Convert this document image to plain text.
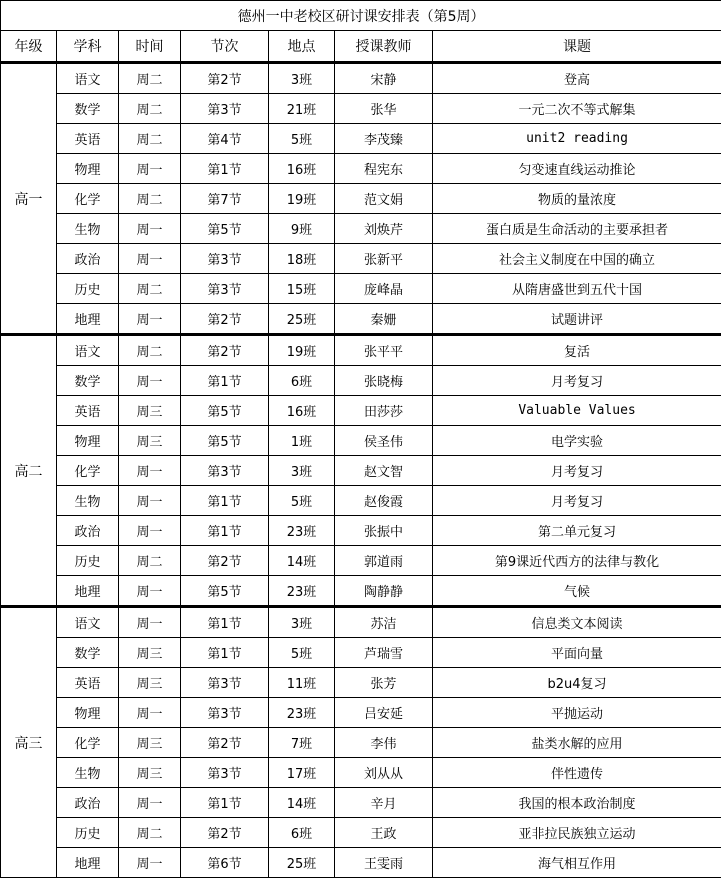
德州一中老校区研讨课安排表（第5周）						
年级	学科	时间	节次	地点	授课教师	课题
高一	语文	周二	第2节	3班	宋静	登高
	数学	周二	第3节	21班	张华	一元二次不等式解集
	英语	周二	第4节	5班	李茂臻	unit2 reading
	物理	周一	第1节	16班	程宪东	匀变速直线运动推论
	化学	周二	第7节	19班	范文娟	物质的量浓度
	生物	周一	第5节	9班	刘焕芹	蛋白质是生命活动的主要承担者
	政治	周一	第3节	18班	张新平	社会主义制度在中国的确立
	历史	周二	第3节	15班	庞峰晶	从隋唐盛世到五代十国
	地理	周一	第2节	25班	秦姗	试题讲评
高二	语文	周二	第2节	19班	张平平	复活
	数学	周一	第1节	6班	张晓梅	月考复习
	英语	周三	第5节	16班	田莎莎	Valuable Values
	物理	周三	第5节	1班	侯圣伟	电学实验
	化学	周一	第3节	3班	赵文智	月考复习
	生物	周一	第1节	5班	赵俊霞	月考复习
	政治	周一	第1节	23班	张振中	第二单元复习
	历史	周二	第2节	14班	郭道雨	第9课近代西方的法律与教化
	地理	周一	第5节	23班	陶静静	气候
高三	语文	周一	第1节	3班	苏洁	信息类文本阅读
	数学	周三	第1节	5班	芦瑞雪	平面向量
	英语	周三	第3节	11班	张芳	b2u4复习
	物理	周一	第3节	23班	吕安延	平抛运动
	化学	周三	第2节	7班	李伟	盐类水解的应用
	生物	周三	第3节	17班	刘从从	伴性遗传
	政治	周一	第1节	14班	辛月	我国的根本政治制度
	历史	周二	第2节	6班	王政	亚非拉民族独立运动
	地理	周一	第6节	25班	王雯雨	海气相互作用
